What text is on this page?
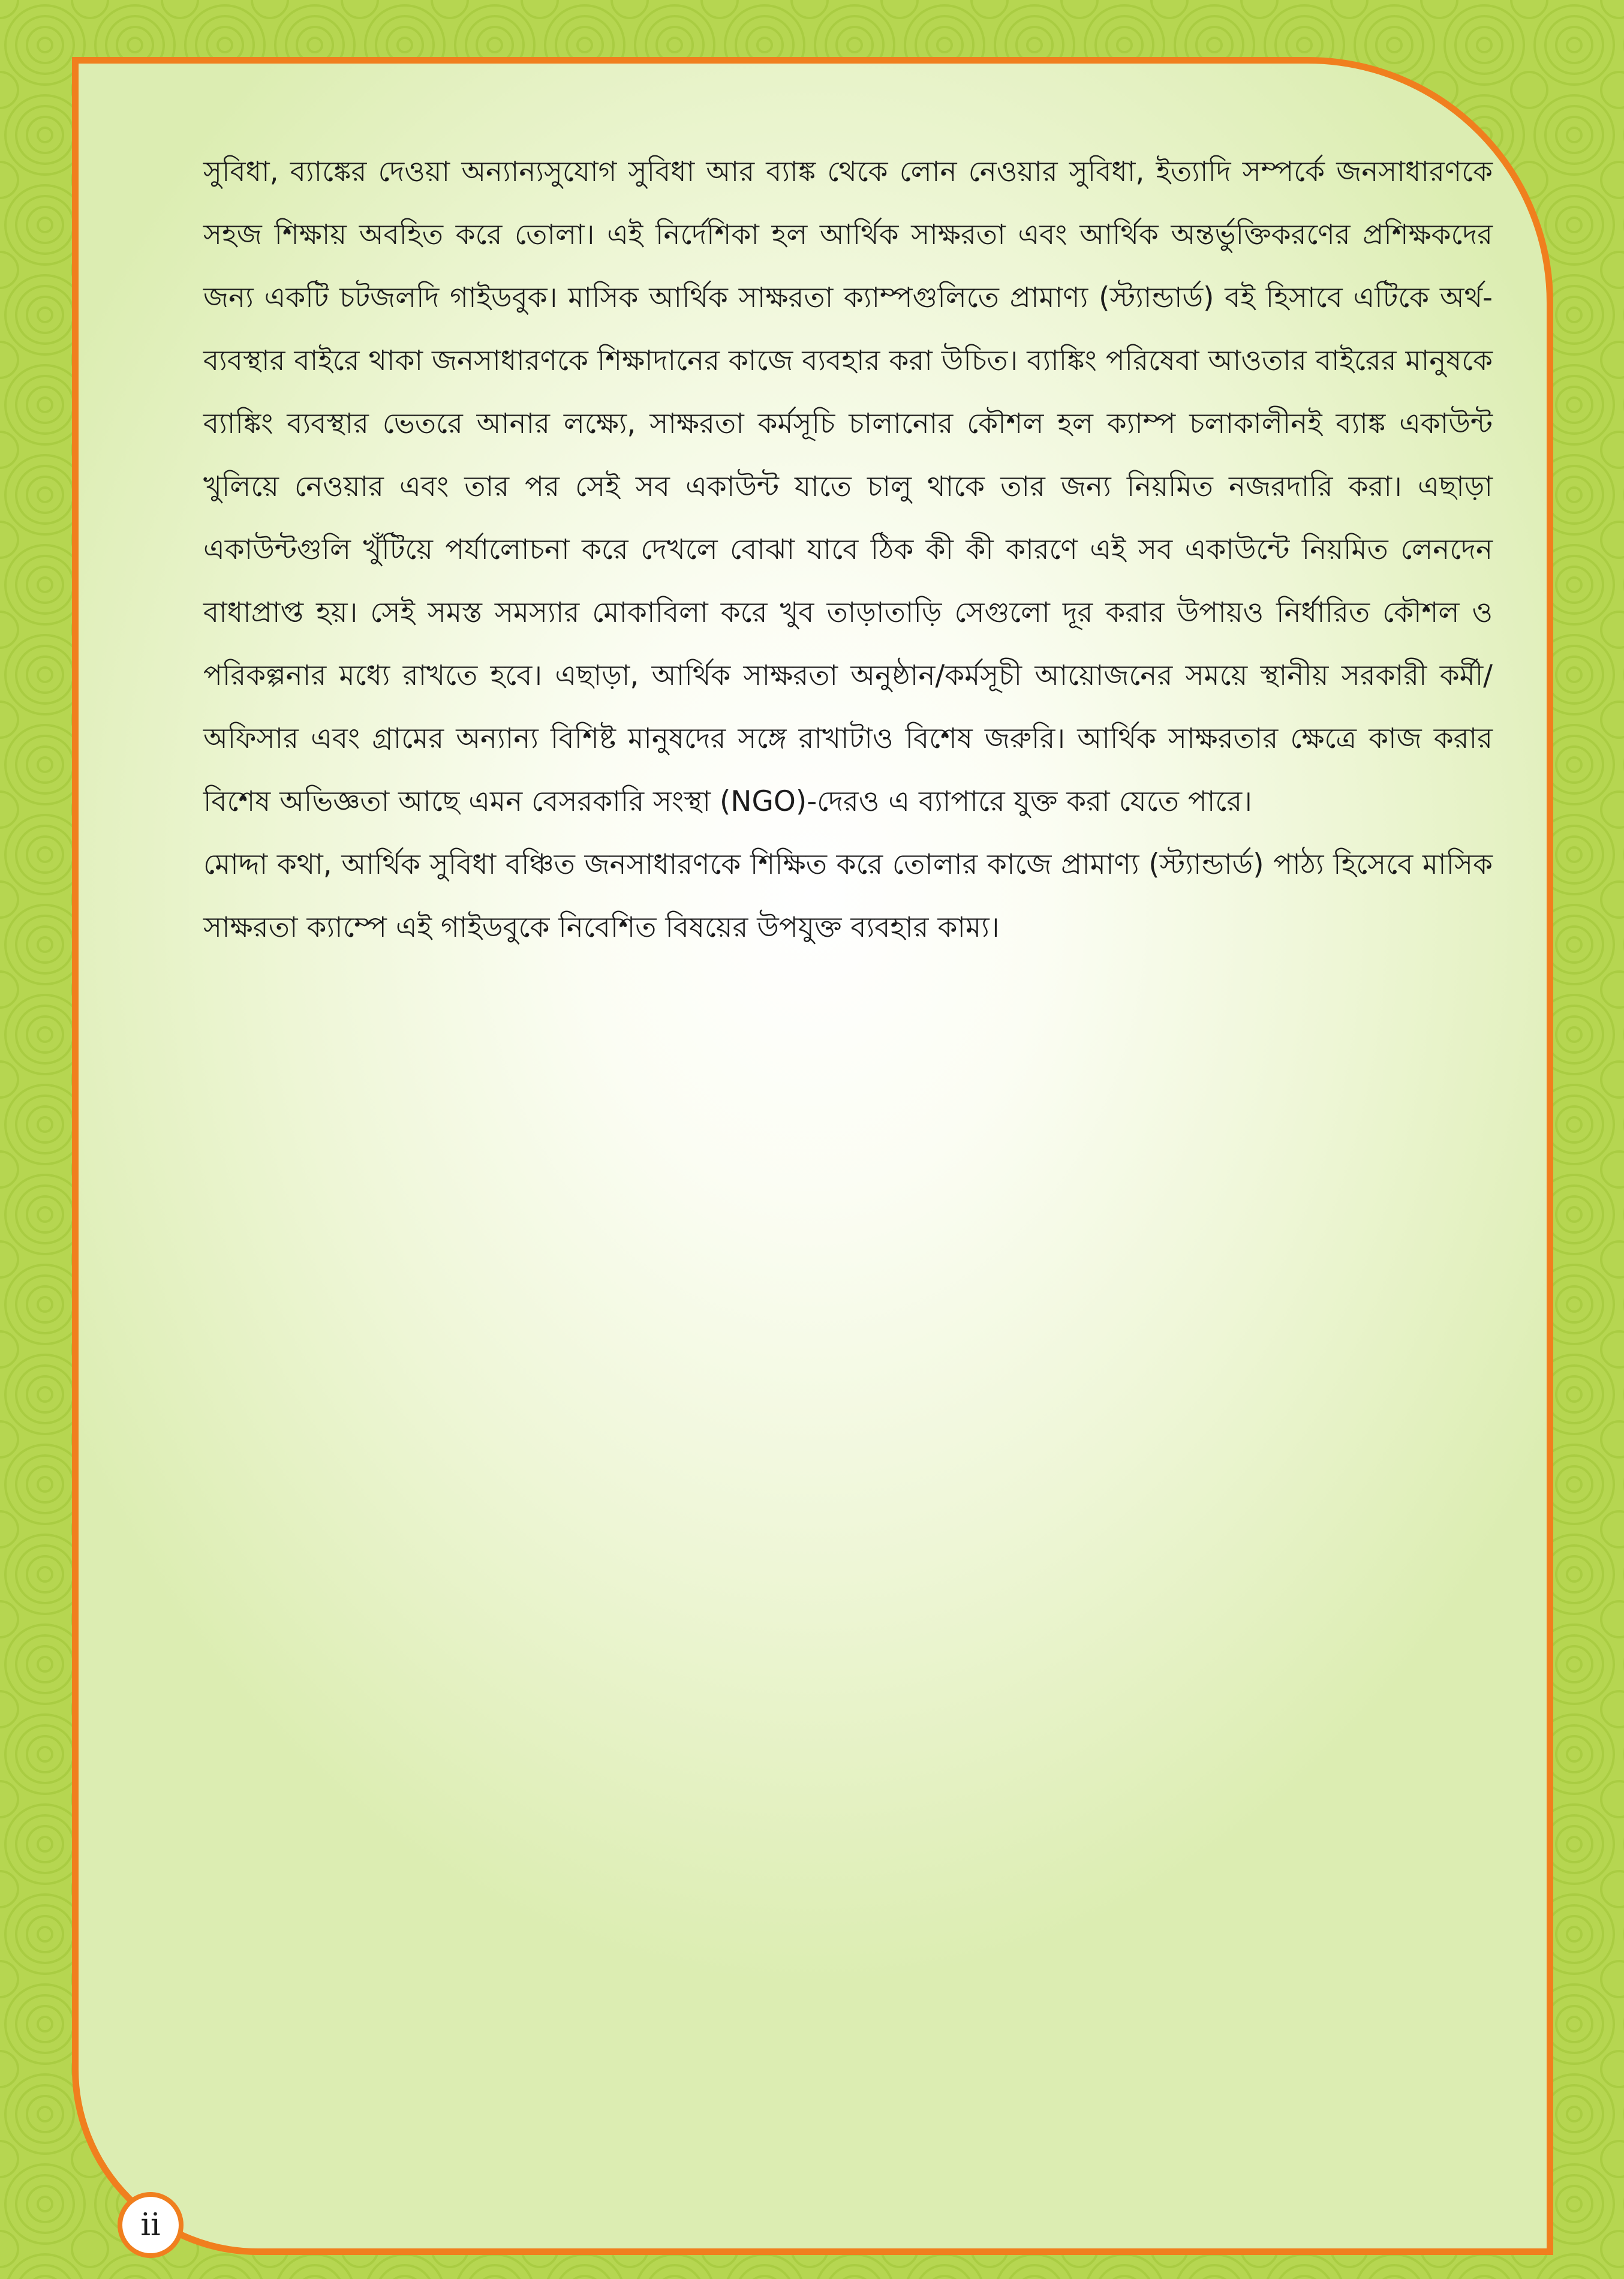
সুবিধা, ব্যাঙ্কের দেওয়া অন্যান্যসুযোগ সুবিধা আর ব্যাঙ্ক থেকে লোন নেওয়ার সুবিধা, ইত্যাদি সম্পর্কে জনসাধারণকে সহজ শিক্ষায় অবহিত করে তোলা। এই নির্দেশিকা হল আর্থিক সাক্ষরতা এবং আর্থিক অন্তর্ভুক্তিকরণের প্রশিক্ষকদের জন্য একটি চটজলদি গাইডবুক। মাসিক আর্থিক সাক্ষরতা ক্যাম্পগুলিতে প্রামাণ্য (স্ট্যান্ডার্ড) বই হিসাবে এটিকে অর্থ-ব্যবস্থার বাইরে থাকা জনসাধারণকে শিক্ষাদানের কাজে ব্যবহার করা উচিত। ব্যাঙ্কিং পরিষেবা আওতার বাইরের মানুষকে ব্যাঙ্কিং ব্যবস্থার ভেতরে আনার লক্ষ্যে, সাক্ষরতা কর্মসূচি চালানোর কৌশল হল ক্যাম্প চলাকালীনই ব্যাঙ্ক একাউন্ট খুলিয়ে নেওয়ার এবং তার পর সেই সব একাউন্ট যাতে চালু থাকে তার জন্য নিয়মিত নজরদারি করা। এছাড়া একাউন্টগুলি খুঁটিয়ে পর্যালোচনা করে দেখলে বোঝা যাবে ঠিক কী কী কারণে এই সব একাউন্টে নিয়মিত লেনদেন বাধাপ্রাপ্ত হয়। সেই সমস্ত সমস্যার মোকাবিলা করে খুব তাড়াতাড়ি সেগুলো দূর করার উপায়ও নির্ধারিত কৌশল ও পরিকল্পনার মধ্যে রাখতে হবে। এছাড়া, আর্থিক সাক্ষরতা অনুষ্ঠান/কর্মসূচী আয়োজনের সময়ে স্থানীয় সরকারী কর্মী/অফিসার এবং গ্রামের অন্যান্য বিশিষ্ট মানুষদের সঙ্গে রাখাটাও বিশেষ জরুরি। আর্থিক সাক্ষরতার ক্ষেত্রে কাজ করার বিশেষ অভিজ্ঞতা আছে এমন বেসরকারি সংস্থা (NGO)-দেরও এ ব্যাপারে যুক্ত করা যেতে পারে।

মোদ্দা কথা, আর্থিক সুবিধা বঞ্চিত জনসাধারণকে শিক্ষিত করে তোলার কাজে প্রামাণ্য (স্ট্যান্ডার্ড) পাঠ্য হিসেবে মাসিক সাক্ষরতা ক্যাম্পে এই গাইডবুকে নিবেশিত বিষয়ের উপযুক্ত ব্যবহার কাম্য।

ii
